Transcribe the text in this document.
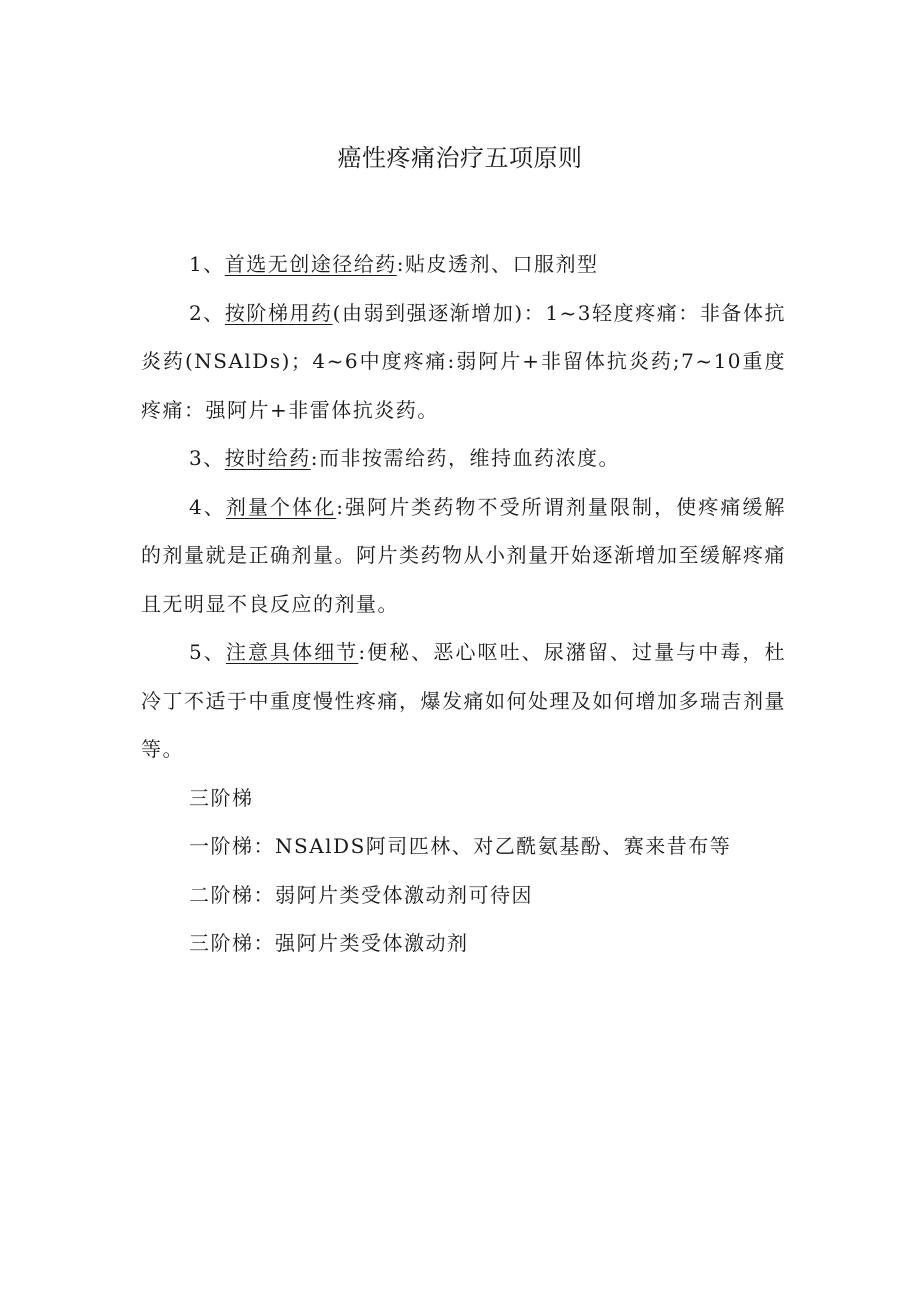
癌性疼痛治疗五项原则

1、首选无创途径给药:贴皮透剂、口服剂型

2、按阶梯用药(由弱到强逐渐增加)：1~3轻度疼痛：非备体抗炎药(NSAlDs)；4~6中度疼痛:弱阿片+非留体抗炎药;7~10重度疼痛：强阿片+非雷体抗炎药。

3、按时给药:而非按需给药，维持血药浓度。

4、剂量个体化:强阿片类药物不受所谓剂量限制，使疼痛缓解的剂量就是正确剂量。阿片类药物从小剂量开始逐渐增加至缓解疼痛且无明显不良反应的剂量。

5、注意具体细节:便秘、恶心呕吐、尿潴留、过量与中毒，杜冷丁不适于中重度慢性疼痛，爆发痛如何处理及如何增加多瑞吉剂量等。

三阶梯

一阶梯：NSAlDS阿司匹林、对乙酰氨基酚、赛来昔布等

二阶梯：弱阿片类受体激动剂可待因

三阶梯：强阿片类受体激动剂
